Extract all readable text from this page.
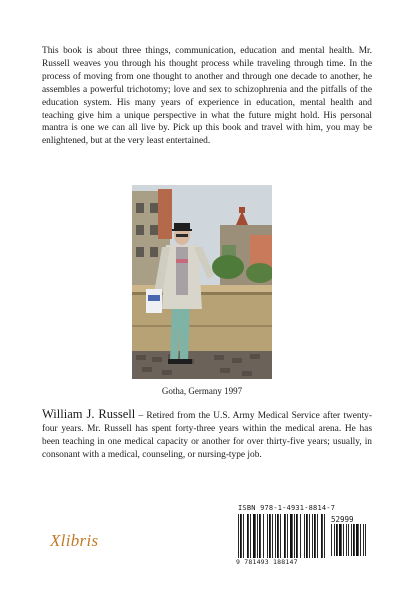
This book is about three things, communication, education and mental health. Mr. Russell weaves you through his thought process while traveling through time. In the process of moving from one thought to another and through one decade to another, he assembles a powerful trichotomy; love and sex to schizophrenia and the pitfalls of the education system. His many years of experience in education, mental health and teaching give him a unique perspective in what the future might hold. His personal mantra is one we can all live by. Pick up this book and travel with him, you may be enlightened, but at the very least entertained.

Gotha, Germany 1997

William J. Russell – Retired from the U.S. Army Medical Service after twenty-four years. Mr. Russell has spent forty-three years within the medical arena. He has been teaching in one medical capacity or another for over thirty-five years; usually, in consonant with a medical, counseling, or nursing-type job.

Xlibris
ISBN 978-1-4931-8814-7
52999
9 781493 188147
